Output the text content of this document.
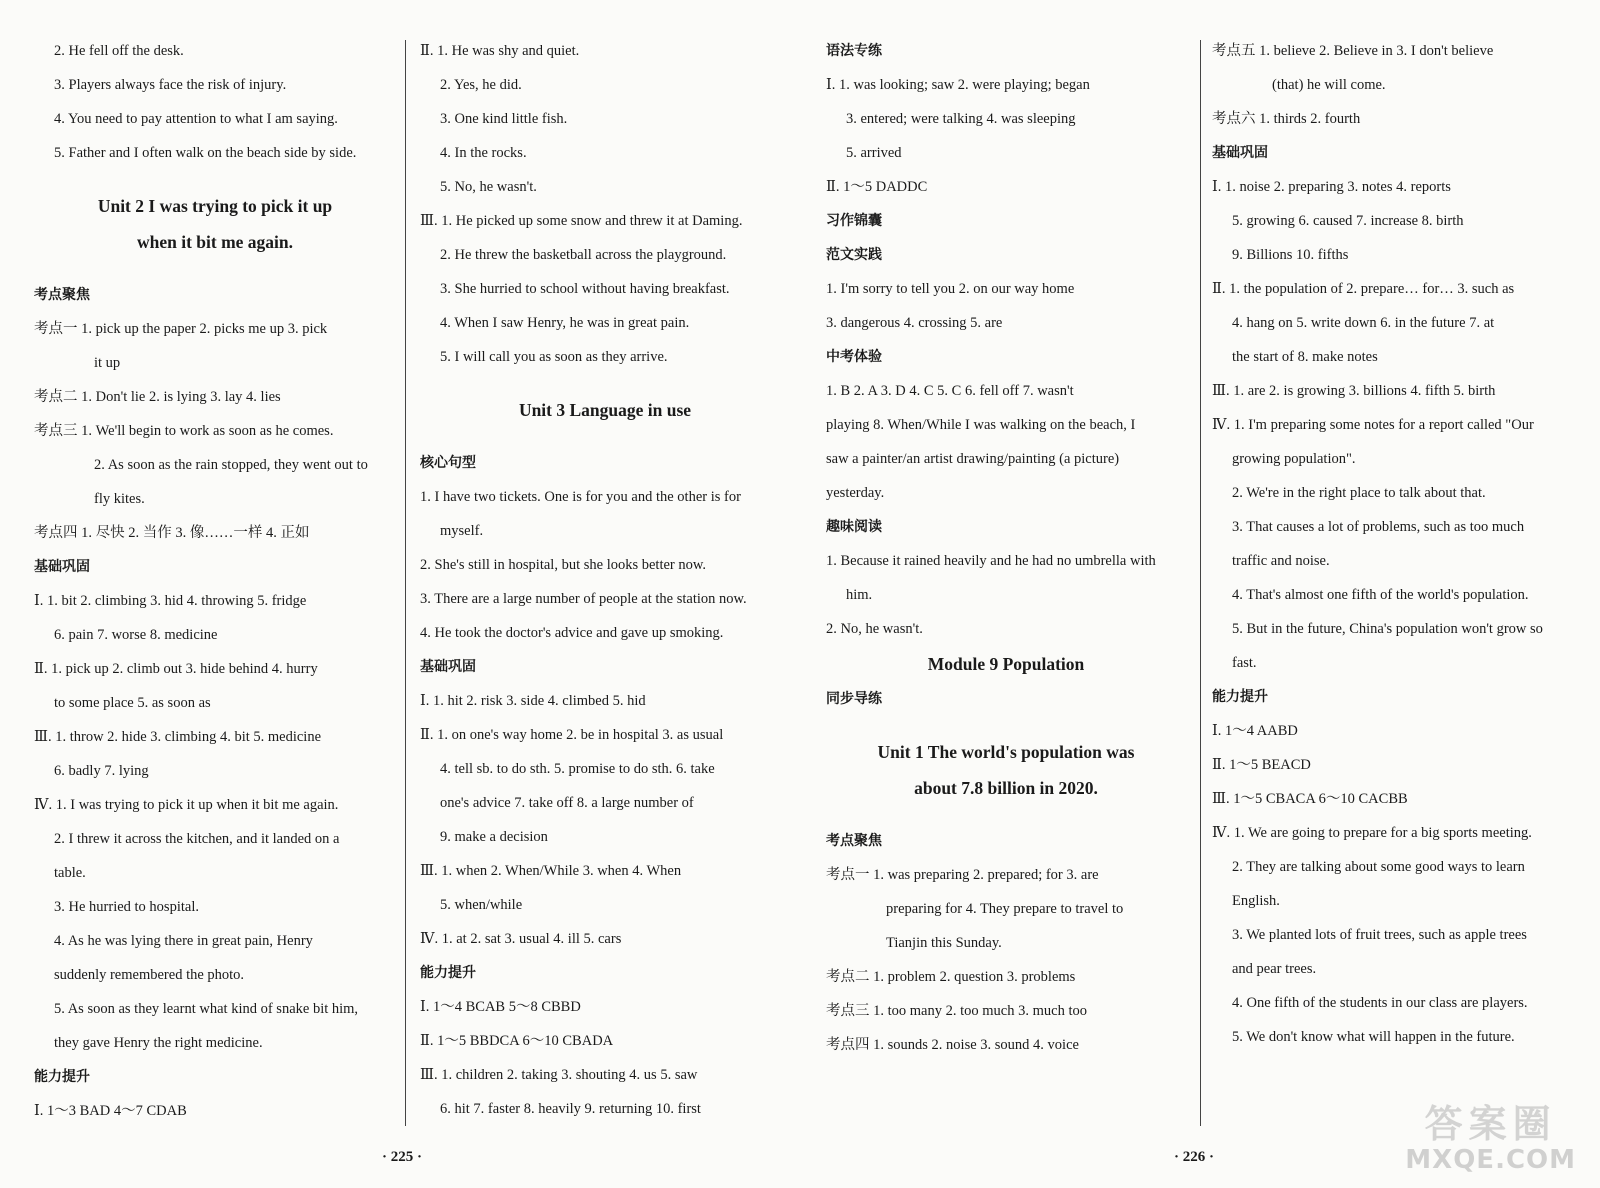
2. He fell off the desk.
3. Players always face the risk of injury.
4. You need to pay attention to what I am saying.
5. Father and I often walk on the beach side by side.
Unit 2 I was trying to pick it up
when it bit me again.
考点聚焦
考点一 1. pick up the paper 2. picks me up 3. pick
it up
考点二 1. Don't lie 2. is lying 3. lay 4. lies
考点三 1. We'll begin to work as soon as he comes.
2. As soon as the rain stopped, they went out to
fly kites.
考点四 1. 尽快 2. 当作 3. 像……一样 4. 正如
基础巩固
Ⅰ. 1. bit 2. climbing 3. hid 4. throwing 5. fridge
6. pain 7. worse 8. medicine
Ⅱ. 1. pick up 2. climb out 3. hide behind 4. hurry
to some place 5. as soon as
Ⅲ. 1. throw 2. hide 3. climbing 4. bit 5. medicine
6. badly 7. lying
Ⅳ. 1. I was trying to pick it up when it bit me again.
2. I threw it across the kitchen, and it landed on a
table.
3. He hurried to hospital.
4. As he was lying there in great pain, Henry
suddenly remembered the photo.
5. As soon as they learnt what kind of snake bit him,
they gave Henry the right medicine.
能力提升
Ⅰ. 1～3 BAD 4～7 CDAB
Ⅱ. 1. He was shy and quiet.
2. Yes, he did.
3. One kind little fish.
4. In the rocks.
5. No, he wasn't.
Ⅲ. 1. He picked up some snow and threw it at Daming.
2. He threw the basketball across the playground.
3. She hurried to school without having breakfast.
4. When I saw Henry, he was in great pain.
5. I will call you as soon as they arrive.
Unit 3 Language in use
核心句型
1. I have two tickets. One is for you and the other is for
myself.
2. She's still in hospital, but she looks better now.
3. There are a large number of people at the station now.
4. He took the doctor's advice and gave up smoking.
基础巩固
Ⅰ. 1. hit 2. risk 3. side 4. climbed 5. hid
Ⅱ. 1. on one's way home 2. be in hospital 3. as usual
4. tell sb. to do sth. 5. promise to do sth. 6. take
one's advice 7. take off 8. a large number of
9. make a decision
Ⅲ. 1. when 2. When/While 3. when 4. When
5. when/while
Ⅳ. 1. at 2. sat 3. usual 4. ill 5. cars
能力提升
Ⅰ. 1～4 BCAB 5～8 CBBD
Ⅱ. 1～5 BBDCA 6～10 CBADA
Ⅲ. 1. children 2. taking 3. shouting 4. us 5. saw
6. hit 7. faster 8. heavily 9. returning 10. first
· 225 ·
语法专练
Ⅰ. 1. was looking; saw 2. were playing; began
3. entered; were talking 4. was sleeping
5. arrived
Ⅱ. 1～5 DADDC
习作锦囊
范文实践
1. I'm sorry to tell you 2. on our way home
3. dangerous 4. crossing 5. are
中考体验
1. B 2. A 3. D 4. C 5. C 6. fell off 7. wasn't
playing 8. When/While I was walking on the beach, I
saw a painter/an artist drawing/painting (a picture)
yesterday.
趣味阅读
1. Because it rained heavily and he had no umbrella with
him.
2. No, he wasn't.
Module 9 Population
同步导练
Unit 1 The world's population was
about 7.8 billion in 2020.
考点聚焦
考点一 1. was preparing 2. prepared; for 3. are
preparing for 4. They prepare to travel to
Tianjin this Sunday.
考点二 1. problem 2. question 3. problems
考点三 1. too many 2. too much 3. much too
考点四 1. sounds 2. noise 3. sound 4. voice
考点五 1. believe 2. Believe in 3. I don't believe
(that) he will come.
考点六 1. thirds 2. fourth
基础巩固
Ⅰ. 1. noise 2. preparing 3. notes 4. reports
5. growing 6. caused 7. increase 8. birth
9. Billions 10. fifths
Ⅱ. 1. the population of 2. prepare… for… 3. such as
4. hang on 5. write down 6. in the future 7. at
the start of 8. make notes
Ⅲ. 1. are 2. is growing 3. billions 4. fifth 5. birth
Ⅳ. 1. I'm preparing some notes for a report called "Our
growing population".
2. We're in the right place to talk about that.
3. That causes a lot of problems, such as too much
traffic and noise.
4. That's almost one fifth of the world's population.
5. But in the future, China's population won't grow so
fast.
能力提升
Ⅰ. 1～4 AABD
Ⅱ. 1～5 BEACD
Ⅲ. 1～5 CBACA 6～10 CACBB
Ⅳ. 1. We are going to prepare for a big sports meeting.
2. They are talking about some good ways to learn
English.
3. We planted lots of fruit trees, such as apple trees
and pear trees.
4. One fifth of the students in our class are players.
5. We don't know what will happen in the future.
· 226 ·
答案圈
MXQE.COM
